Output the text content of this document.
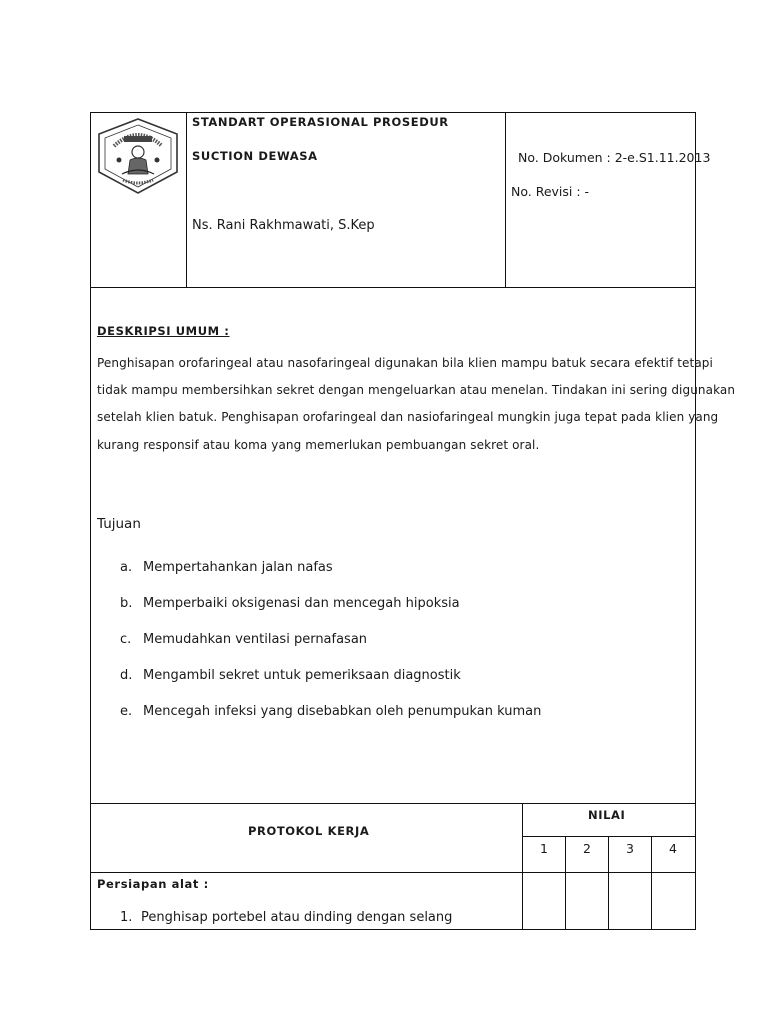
STANDART OPERASIONAL PROSEDUR
SUCTION DEWASA
Ns. Rani Rakhmawati, S.Kep
No. Dokumen : 2-e.S1.11.2013
No. Revisi : -
DESKRIPSI UMUM :
Penghisapan orofaringeal atau nasofaringeal digunakan bila klien mampu batuk secara efektif tetapi
tidak mampu membersihkan sekret dengan mengeluarkan atau menelan. Tindakan ini sering digunakan
setelah klien batuk. Penghisapan orofaringeal dan nasiofaringeal mungkin juga tepat pada klien yang
kurang responsif atau koma yang memerlukan pembuangan sekret oral.
Tujuan
a. Mempertahankan jalan nafas
b. Memperbaiki oksigenasi dan mencegah hipoksia
c. Memudahkan ventilasi pernafasan
d. Mengambil sekret untuk pemeriksaan diagnostik
e. Mencegah infeksi yang disebabkan oleh penumpukan kuman
PROTOKOL KERJA
NILAI
1	2	3	4
Persiapan alat :
1. Penghisap portebel atau dinding dengan selang
